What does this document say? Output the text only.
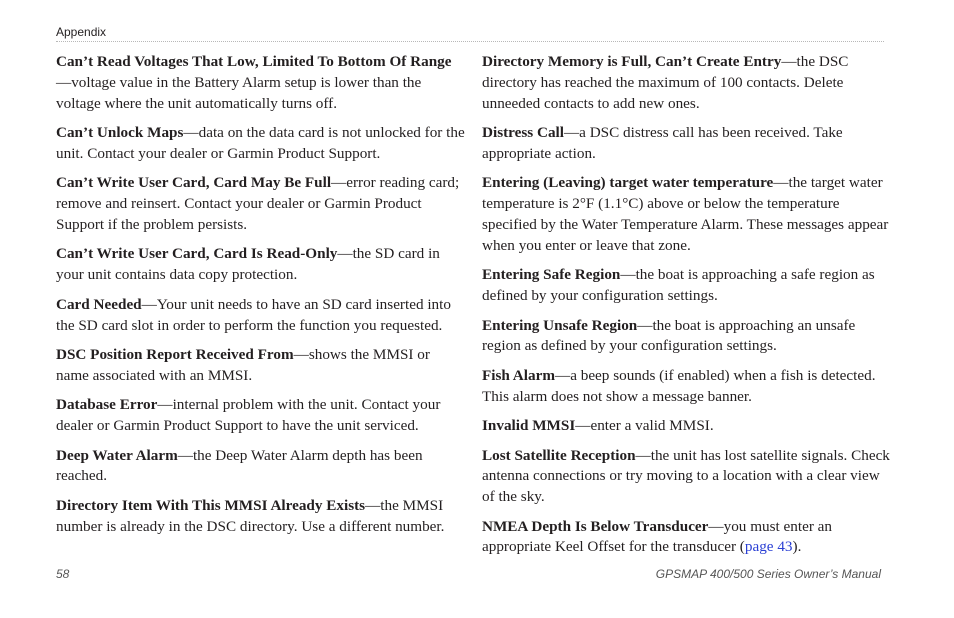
Appendix

Can’t Read Voltages That Low, Limited To Bottom Of Range—voltage value in the Battery Alarm setup is lower than the voltage where the unit automatically turns off.

Can’t Unlock Maps—data on the data card is not unlocked for the unit. Contact your dealer or Garmin Product Support.

Can’t Write User Card, Card May Be Full—error reading card; remove and reinsert. Contact your dealer or Garmin Product Support if the problem persists.

Can’t Write User Card, Card Is Read-Only—the SD card in your unit contains data copy protection.

Card Needed—Your unit needs to have an SD card inserted into the SD card slot in order to perform the function you requested.

DSC Position Report Received From—shows the MMSI or name associated with an MMSI.

Database Error—internal problem with the unit. Contact your dealer or Garmin Product Support to have the unit serviced.

Deep Water Alarm—the Deep Water Alarm depth has been reached.

Directory Item With This MMSI Already Exists—the MMSI number is already in the DSC directory. Use a different number.

Directory Memory is Full, Can’t Create Entry—the DSC directory has reached the maximum of 100 contacts. Delete unneeded contacts to add new ones.

Distress Call—a DSC distress call has been received. Take appropriate action.

Entering (Leaving) target water temperature—the target water temperature is 2°F (1.1°C) above or below the temperature specified by the Water Temperature Alarm. These messages appear when you enter or leave that zone.

Entering Safe Region—the boat is approaching a safe region as defined by your configuration settings.

Entering Unsafe Region—the boat is approaching an unsafe region as defined by your configuration settings.

Fish Alarm—a beep sounds (if enabled) when a fish is detected. This alarm does not show a message banner.

Invalid MMSI—enter a valid MMSI.

Lost Satellite Reception—the unit has lost satellite signals. Check antenna connections or try moving to a location with a clear view of the sky.

NMEA Depth Is Below Transducer—you must enter an appropriate Keel Offset for the transducer (page 43).

58	GPSMAP 400/500 Series Owner’s Manual
